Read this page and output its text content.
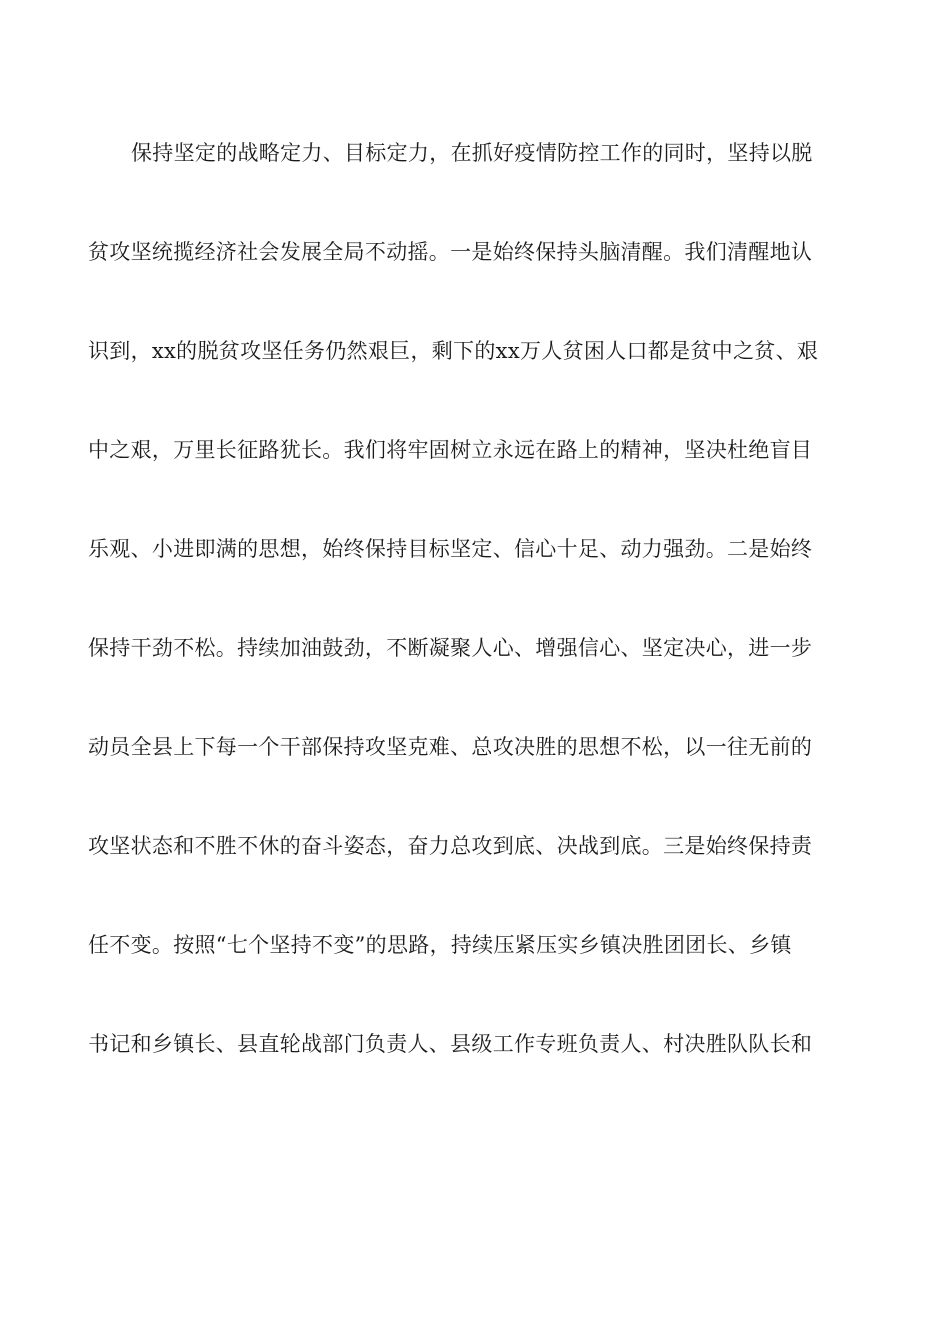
保持坚定的战略定力、目标定力，在抓好疫情防控工作的同时，坚持以脱
贫攻坚统揽经济社会发展全局不动摇。一是始终保持头脑清醒。我们清醒地认
识到，xx的脱贫攻坚任务仍然艰巨，剩下的xx万人贫困人口都是贫中之贫、艰
中之艰，万里长征路犹长。我们将牢固树立永远在路上的精神，坚决杜绝盲目
乐观、小进即满的思想，始终保持目标坚定、信心十足、动力强劲。二是始终
保持干劲不松。持续加油鼓劲，不断凝聚人心、增强信心、坚定决心，进一步
动员全县上下每一个干部保持攻坚克难、总攻决胜的思想不松，以一往无前的
攻坚状态和不胜不休的奋斗姿态，奋力总攻到底、决战到底。三是始终保持责
任不变。按照“七个坚持不变”的思路，持续压紧压实乡镇决胜团团长、乡镇
书记和乡镇长、县直轮战部门负责人、县级工作专班负责人、村决胜队队长和
